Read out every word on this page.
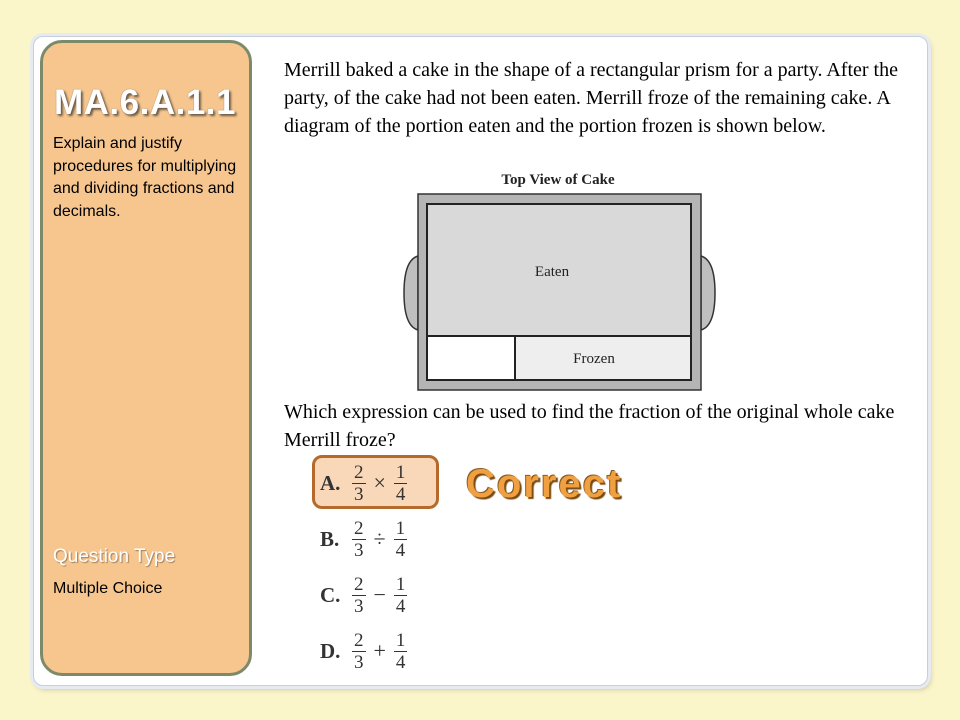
MA.6.A.1.1

Explain and justify procedures for multiplying and dividing fractions and decimals.

Question Type
Multiple Choice

Merrill baked a cake in the shape of a rectangular prism for a party. After the party, of the cake had not been eaten. Merrill froze of the remaining cake. A diagram of the portion eaten and the portion frozen is shown below.

Top View of Cake
Eaten
Frozen

Which expression can be used to find the fraction of the original whole cake Merrill froze?

A. $\frac{2}{3} \times \frac{1}{4}$
B. $\frac{2}{3} \div \frac{1}{4}$
C. $\frac{2}{3} - \frac{1}{4}$
D. $\frac{2}{3} + \frac{1}{4}$
Correct
